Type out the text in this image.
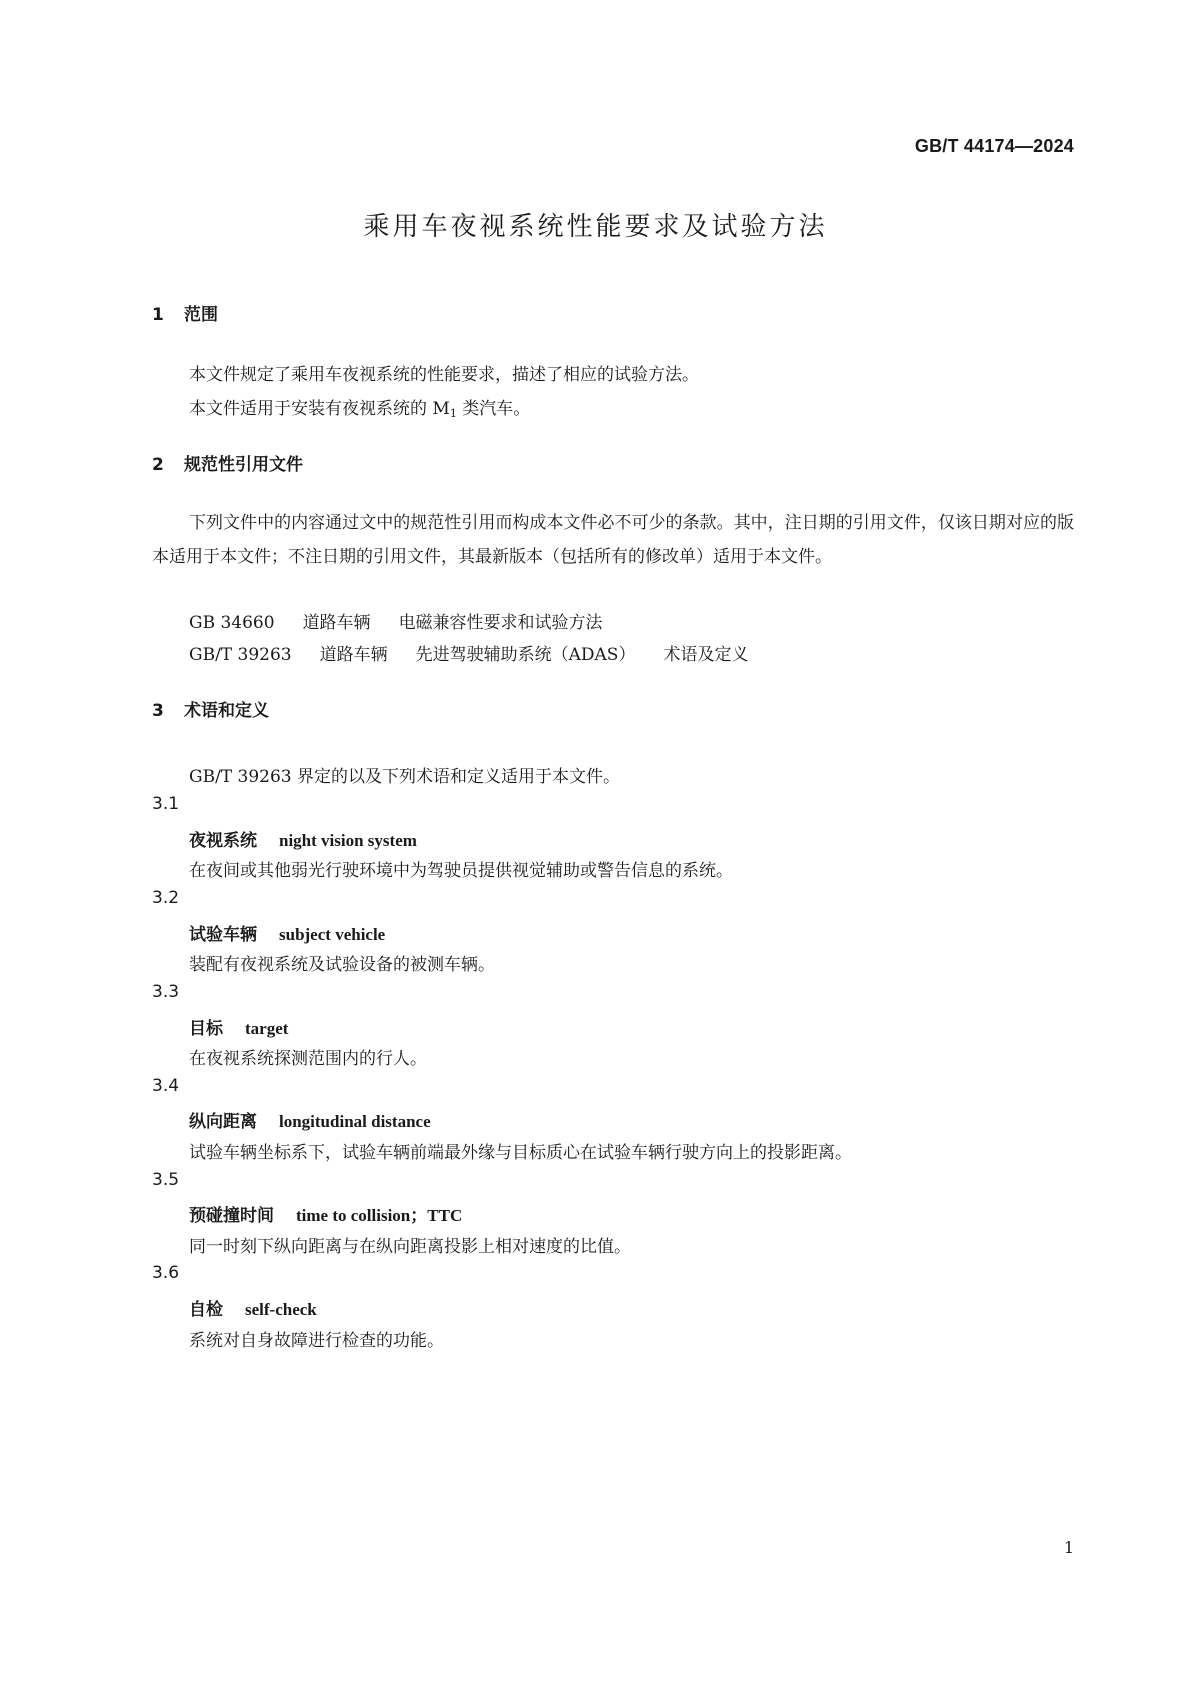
GB/T 44174—2024
乘用车夜视系统性能要求及试验方法
1 范围
本文件规定了乘用车夜视系统的性能要求，描述了相应的试验方法。
本文件适用于安装有夜视系统的 $M_1$ 类汽车。
2 规范性引用文件
下列文件中的内容通过文中的规范性引用而构成本文件必不可少的条款。其中，注日期的引用文件，仅该日期对应的版本适用于本文件；不注日期的引用文件，其最新版本（包括所有的修改单）适用于本文件。
GB 34660 道路车辆 电磁兼容性要求和试验方法
GB/T 39263 道路车辆 先进驾驶辅助系统（ADAS） 术语及定义
3 术语和定义
GB/T 39263 界定的以及下列术语和定义适用于本文件。
3.1
夜视系统 night vision system
在夜间或其他弱光行驶环境中为驾驶员提供视觉辅助或警告信息的系统。
3.2
试验车辆 subject vehicle
装配有夜视系统及试验设备的被测车辆。
3.3
目标 target
在夜视系统探测范围内的行人。
3.4
纵向距离 longitudinal distance
试验车辆坐标系下，试验车辆前端最外缘与目标质心在试验车辆行驶方向上的投影距离。
3.5
预碰撞时间 time to collision；TTC
同一时刻下纵向距离与在纵向距离投影上相对速度的比值。
3.6
自检 self-check
系统对自身故障进行检查的功能。
1
